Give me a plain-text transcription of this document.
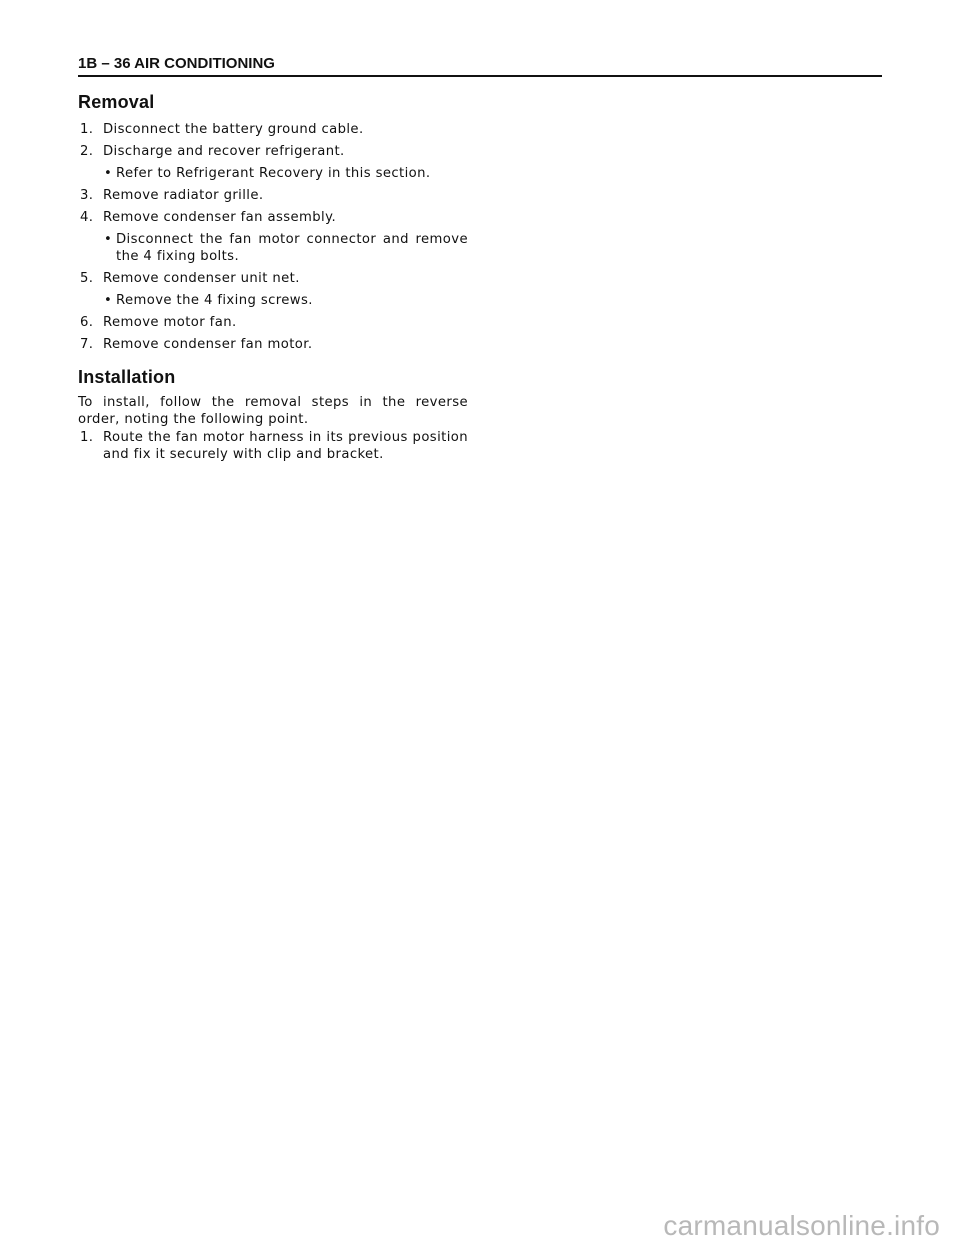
1B – 36 AIR CONDITIONING
Removal
1. Disconnect the battery ground cable.
2. Discharge and recover refrigerant.
• Refer to Refrigerant Recovery in this section.
3. Remove radiator grille.
4. Remove condenser fan assembly.
• Disconnect the fan motor connector and remove the 4 fixing bolts.
5. Remove condenser unit net.
• Remove the 4 fixing screws.
6. Remove motor fan.
7. Remove condenser fan motor.
Installation

To install, follow the removal steps in the reverse order, noting the following point.

1. Route the fan motor harness in its previous position and fix it securely with clip and bracket.
carmanualsonline.info
